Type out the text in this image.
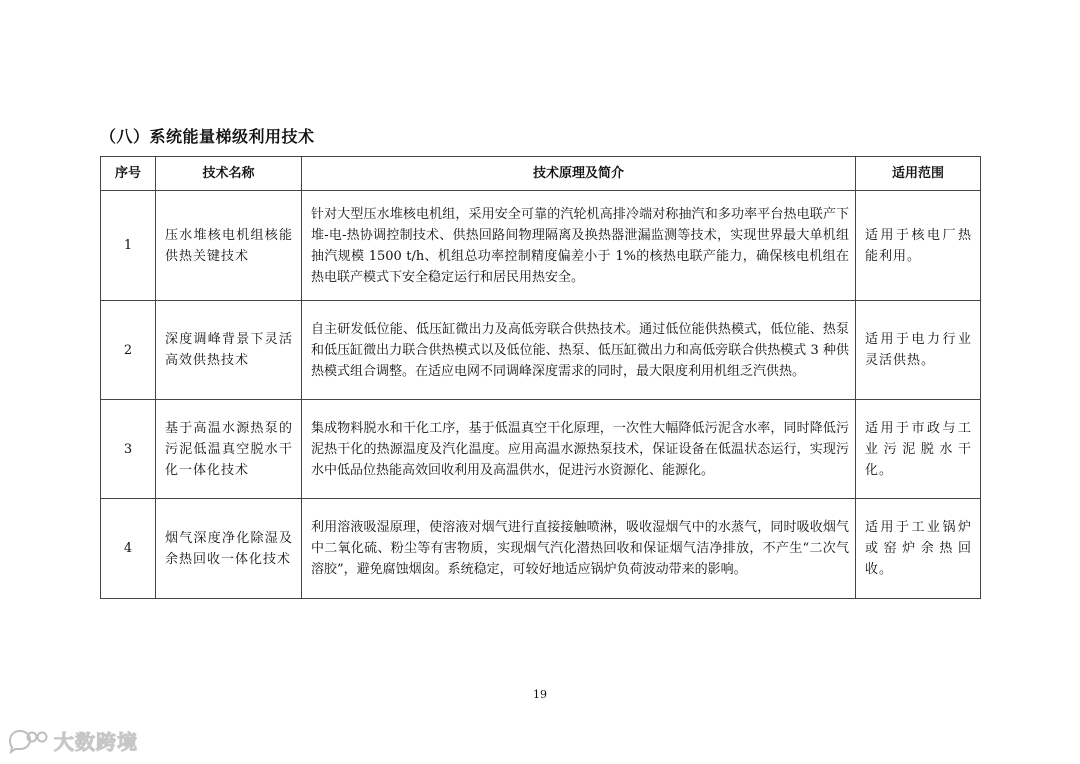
（八）系统能量梯级利用技术
序号	技术名称	技术原理及简介	适用范围
1	压水堆核电机组核能供热关键技术	针对大型压水堆核电机组，采用安全可靠的汽轮机高排冷端对称抽汽和多功率平台热电联产下堆-电-热协调控制技术、供热回路间物理隔离及换热器泄漏监测等技术，实现世界最大单机组抽汽规模 1500 t/h、机组总功率控制精度偏差小于 1%的核热电联产能力，确保核电机组在热电联产模式下安全稳定运行和居民用热安全。	适用于核电厂热能利用。
2	深度调峰背景下灵活高效供热技术	自主研发低位能、低压缸微出力及高低旁联合供热技术。通过低位能供热模式，低位能、热泵和低压缸微出力联合供热模式以及低位能、热泵、低压缸微出力和高低旁联合供热模式 3 种供热模式组合调整。在适应电网不同调峰深度需求的同时，最大限度利用机组乏汽供热。	适用于电力行业灵活供热。
3	基于高温水源热泵的污泥低温真空脱水干化一体化技术	集成物料脱水和干化工序，基于低温真空干化原理，一次性大幅降低污泥含水率，同时降低污泥热干化的热源温度及汽化温度。应用高温水源热泵技术，保证设备在低温状态运行，实现污水中低品位热能高效回收利用及高温供水，促进污水资源化、能源化。	适用于市政与工业污泥脱水干化。
4	烟气深度净化除湿及余热回收一体化技术	利用溶液吸湿原理，使溶液对烟气进行直接接触喷淋，吸收湿烟气中的水蒸气，同时吸收烟气中二氧化硫、粉尘等有害物质，实现烟气汽化潜热回收和保证烟气洁净排放，不产生“二次气溶胶”，避免腐蚀烟囱。系统稳定，可较好地适应锅炉负荷波动带来的影响。	适用于工业锅炉或窑炉余热回收。
19
大数跨境
